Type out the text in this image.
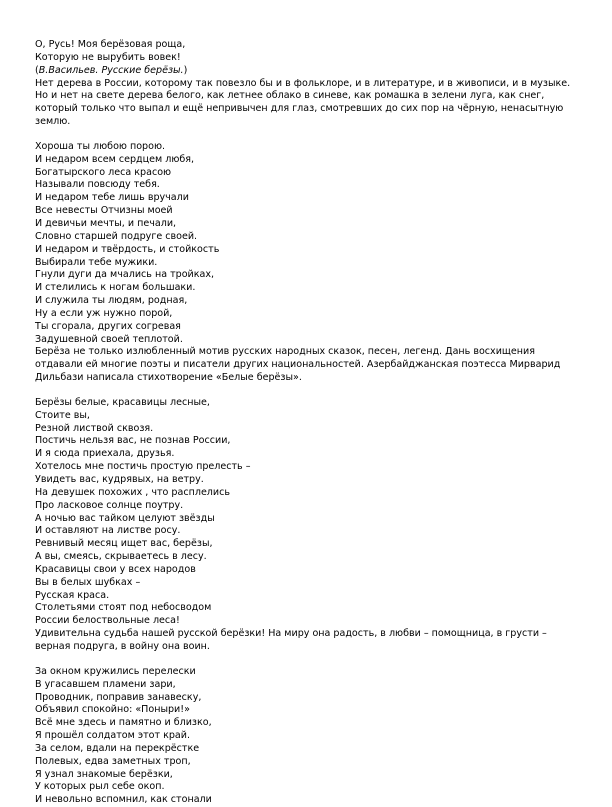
О, Русь! Моя берёзовая роща,
Которую не вырубить вовек!
(В.Васильев. Русские берёзы.)
Нет дерева в России, которому так повезло бы и в фольклоре, и в литературе, и в живописи, и в музыке. Но и нет на свете дерева белого, как летнее облако в синеве, как ромашка в зелени луга, как снег, который только что выпал и ещё непривычен для глаз, смотревших до сих пор на чёрную, ненасытную землю.
Хороша ты любою порою.
И недаром всем сердцем любя,
Богатырского леса красою
Называли повсюду тебя.
И недаром тебе лишь вручали
Все невесты Отчизны моей
И девичьи мечты, и печали,
Словно старшей подруге своей.
И недаром и твёрдость, и стойкость
Выбирали тебе мужики.
Гнули дуги да мчались на тройках,
И стелились к ногам большаки.
И служила ты людям, родная,
Ну а если уж нужно порой,
Ты сгорала, других согревая
Задушевной своей теплотой.
Берёза не только излюбленный мотив русских народных сказок, песен, легенд. Дань восхищения отдавали ей многие поэты и писатели других национальностей. Азербайджанская поэтесса Мирварид Дильбази написала стихотворение «Белые берёзы».
Берёзы белые, красавицы лесные,
Стоите вы,
Резной листвой сквозя.
Постичь нельзя вас, не познав России,
И я сюда приехала, друзья.
Хотелось мне постичь простую прелесть –
Увидеть вас, кудрявых, на ветру.
На девушек похожих , что расплелись
Про ласковое солнце поутру.
А ночью вас тайком целуют звёзды
И оставляют на листве росу.
Ревнивый месяц ищет вас, берёзы,
А вы, смеясь, скрываетесь в лесу.
Красавицы свои у всех народов
Вы в белых шубках –
Русская краса.
Столетьями стоят под небосводом
России белоствольные леса!
Удивительна судьба нашей русской берёзки! На миру она радость, в любви – помощница, в грусти – верная подруга, в войну она воин.
За окном кружились перелески
В угасавшем пламени зари,
Проводник, поправив занавеску,
Объявил спокойно: «Поныри!»
Всё мне здесь и памятно и близко,
Я прошёл солдатом этот край.
За селом, вдали на перекрёстке
Полевых, едва заметных троп,
Я узнал знакомые берёзки,
У которых рыл себе окоп.
И невольно вспомнил, как стонали
